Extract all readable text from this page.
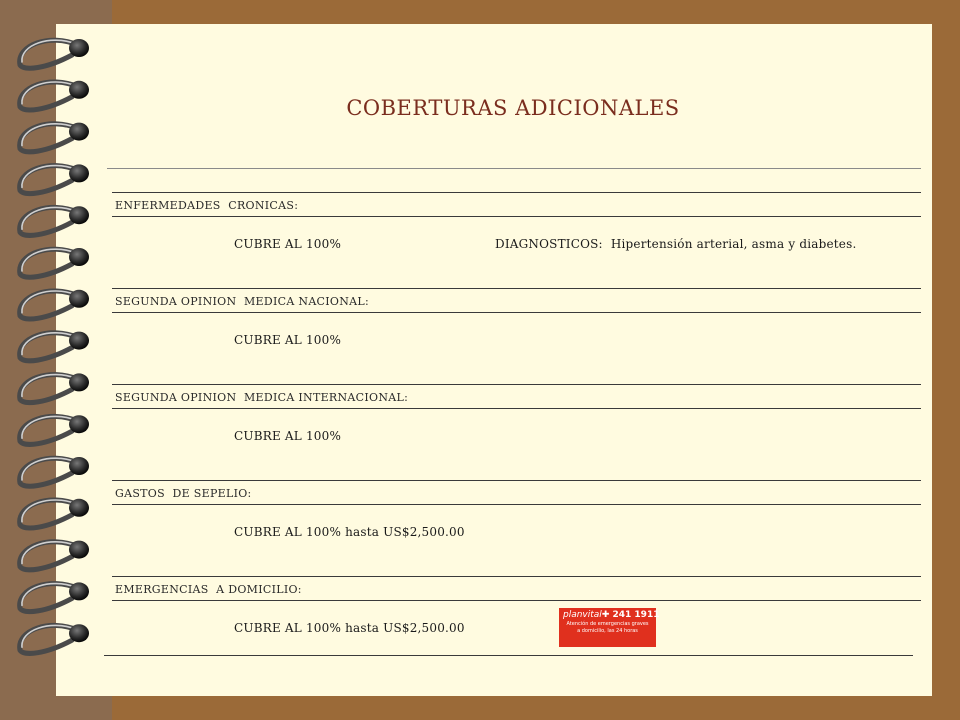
COBERTURAS ADICIONALES
ENFERMEDADES  CRONICAS:
CUBRE AL 100%	DIAGNOSTICOS:  Hipertensión arterial, asma y diabetes.
SEGUNDA OPINION  MEDICA NACIONAL:
CUBRE AL 100%
SEGUNDA OPINION  MEDICA INTERNACIONAL:
CUBRE AL 100%
GASTOS  DE SEPELIO:
CUBRE AL 100% hasta US$2,500.00
EMERGENCIAS  A DOMICILIO:
CUBRE AL 100% hasta US$2,500.00
planvital✚ 241 1911
Atención de emergencias graves
a domicilio, las 24 horas
